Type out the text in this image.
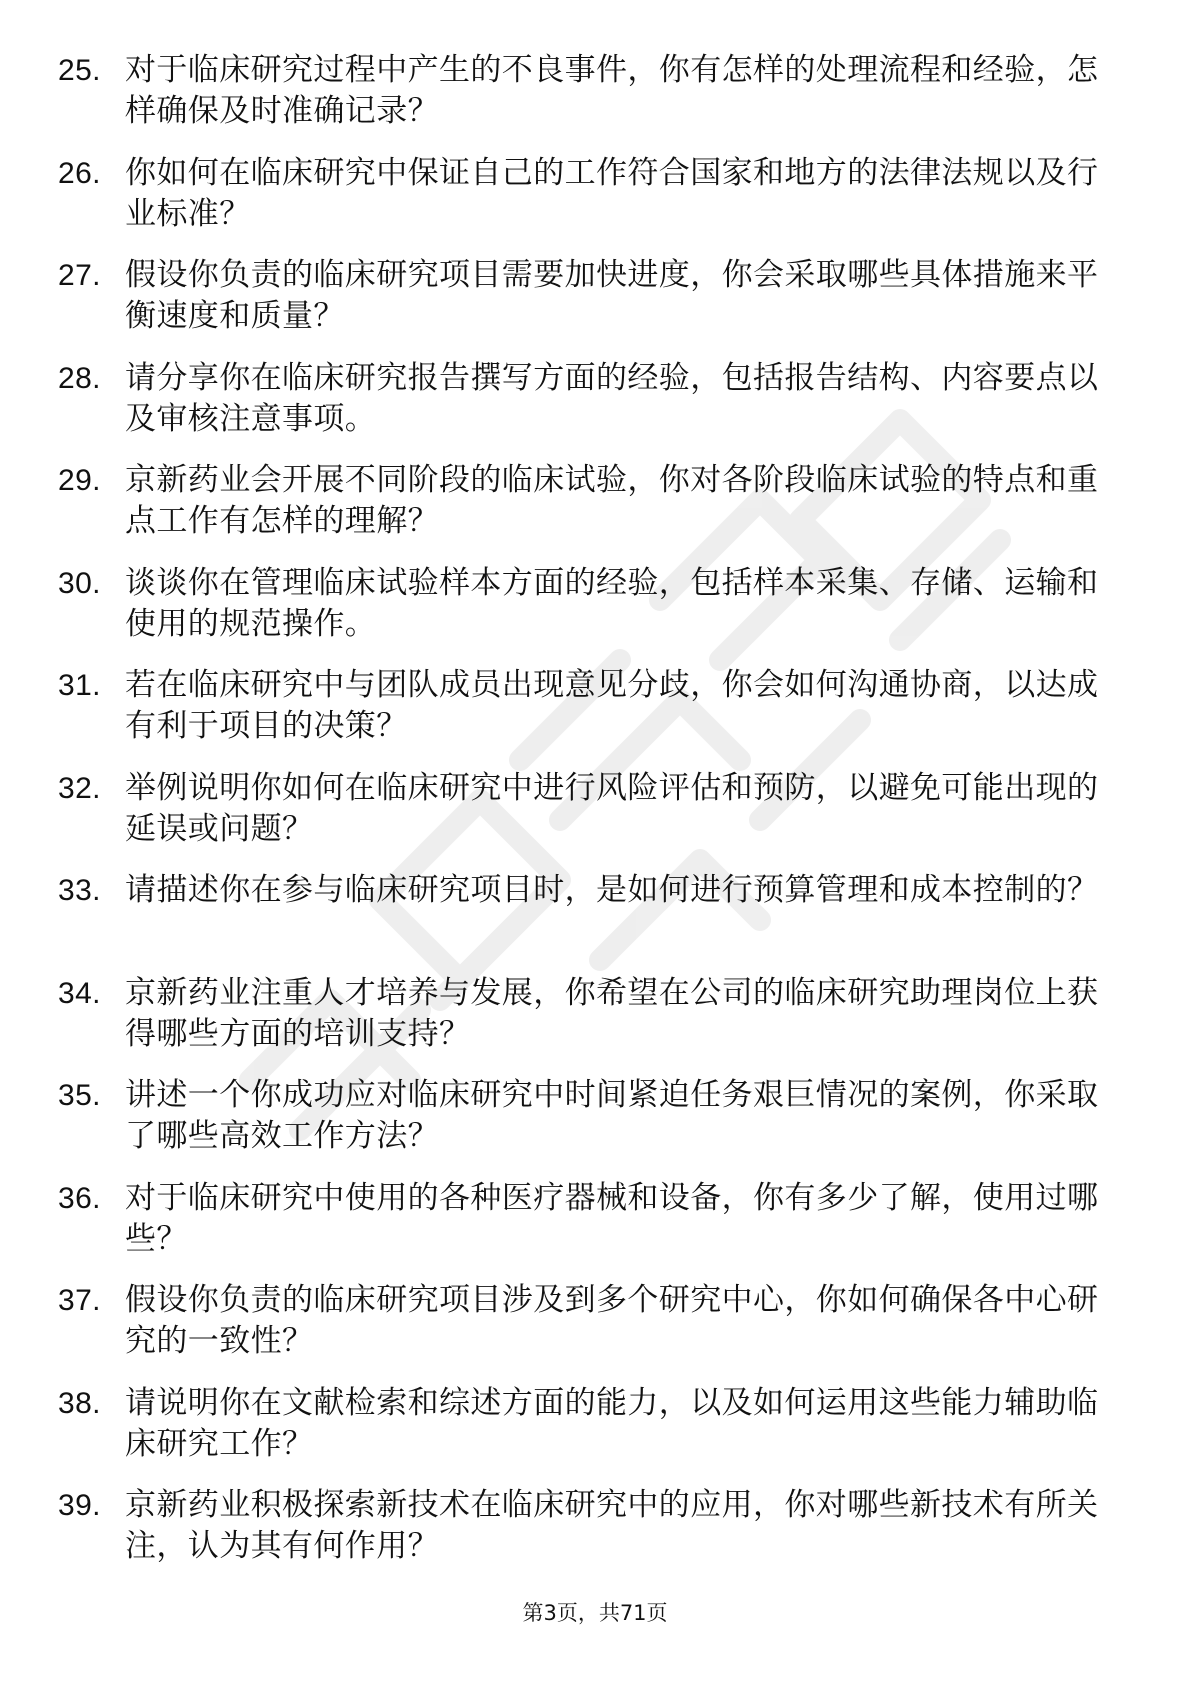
25. 对于临床研究过程中产生的不良事件，你有怎样的处理流程和经验，怎样确保及时准确记录？
26. 你如何在临床研究中保证自己的工作符合国家和地方的法律法规以及行业标准？
27. 假设你负责的临床研究项目需要加快进度，你会采取哪些具体措施来平衡速度和质量？
28. 请分享你在临床研究报告撰写方面的经验，包括报告结构、内容要点以及审核注意事项。
29. 京新药业会开展不同阶段的临床试验，你对各阶段临床试验的特点和重点工作有怎样的理解？
30. 谈谈你在管理临床试验样本方面的经验，包括样本采集、存储、运输和使用的规范操作。
31. 若在临床研究中与团队成员出现意见分歧，你会如何沟通协商，以达成有利于项目的决策？
32. 举例说明你如何在临床研究中进行风险评估和预防，以避免可能出现的延误或问题？
33. 请描述你在参与临床研究项目时，是如何进行预算管理和成本控制的？
34. 京新药业注重人才培养与发展，你希望在公司的临床研究助理岗位上获得哪些方面的培训支持？
35. 讲述一个你成功应对临床研究中时间紧迫任务艰巨情况的案例，你采取了哪些高效工作方法？
36. 对于临床研究中使用的各种医疗器械和设备，你有多少了解，使用过哪些？
37. 假设你负责的临床研究项目涉及到多个研究中心，你如何确保各中心研究的一致性？
38. 请说明你在文献检索和综述方面的能力，以及如何运用这些能力辅助临床研究工作？
39. 京新药业积极探索新技术在临床研究中的应用，你对哪些新技术有所关注，认为其有何作用？
第3页，共71页
